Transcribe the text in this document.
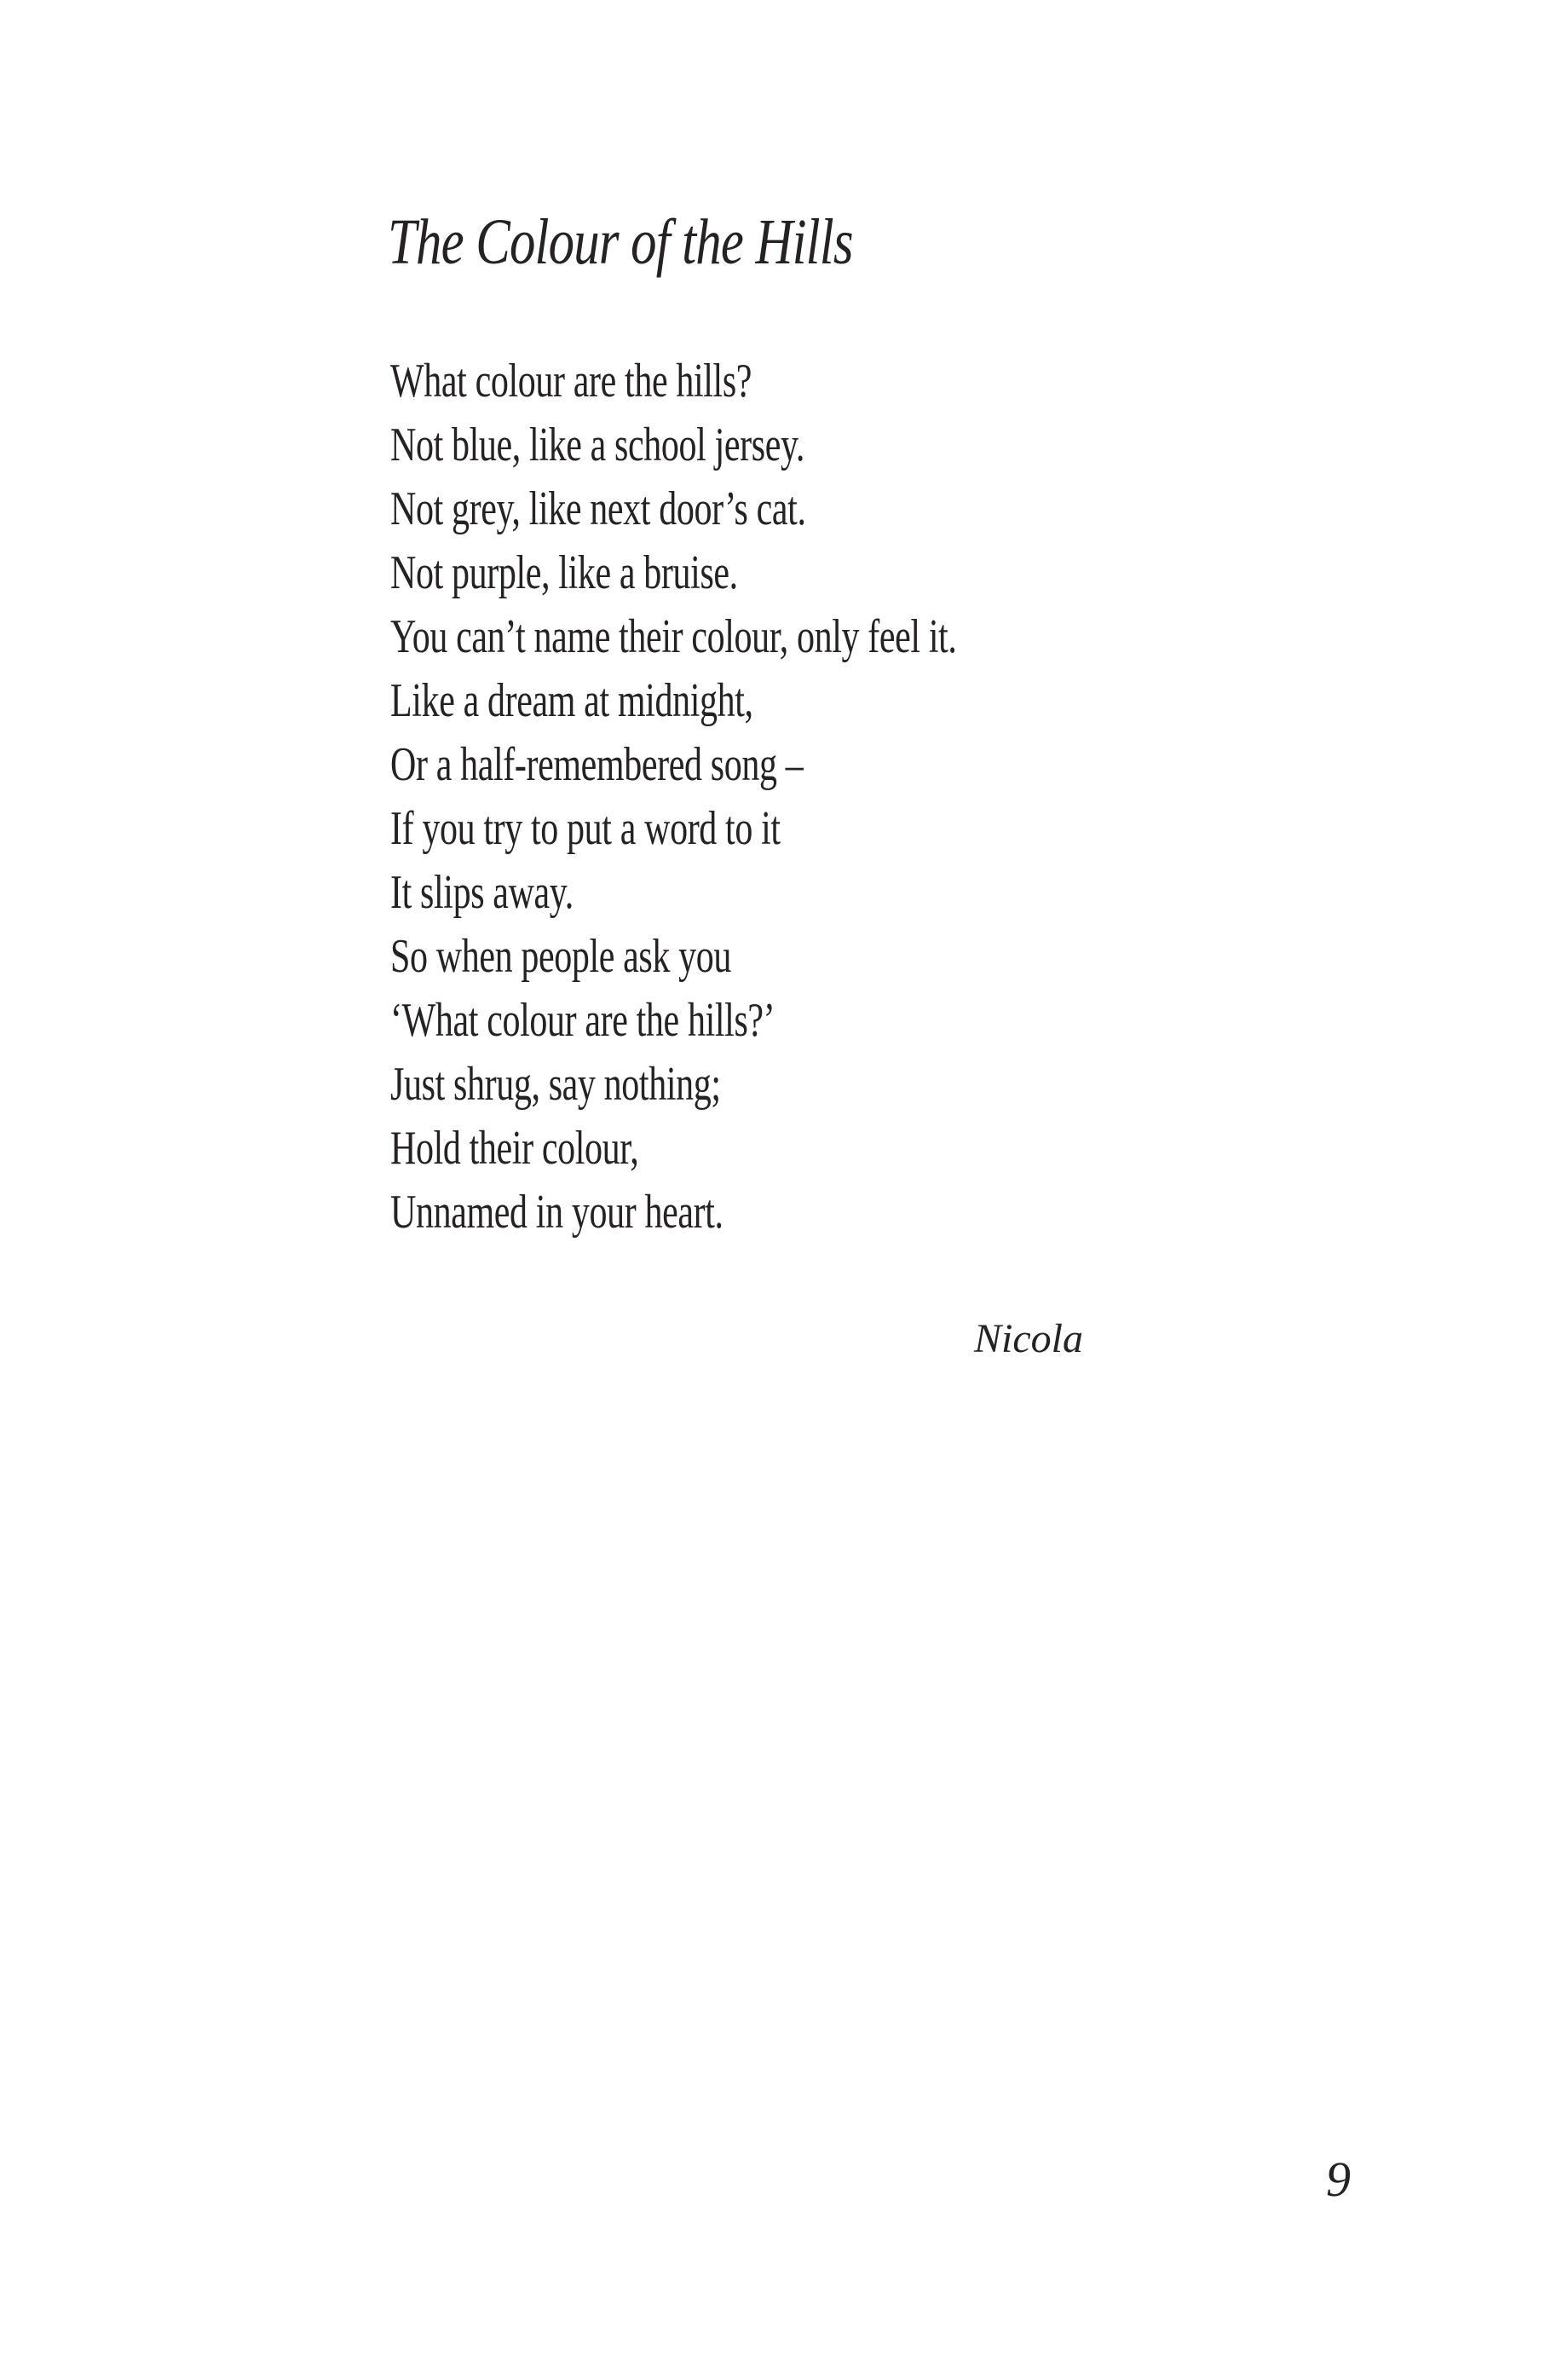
The Colour of the Hills
What colour are the hills?
Not blue, like a school jersey.
Not grey, like next door’s cat.
Not purple, like a bruise.
You can’t name their colour, only feel it.
Like a dream at midnight,
Or a half-remembered song –
If you try to put a word to it
It slips away.
So when people ask you
‘What colour are the hills?’
Just shrug, say nothing;
Hold their colour,
Unnamed in your heart.
Nicola
9
